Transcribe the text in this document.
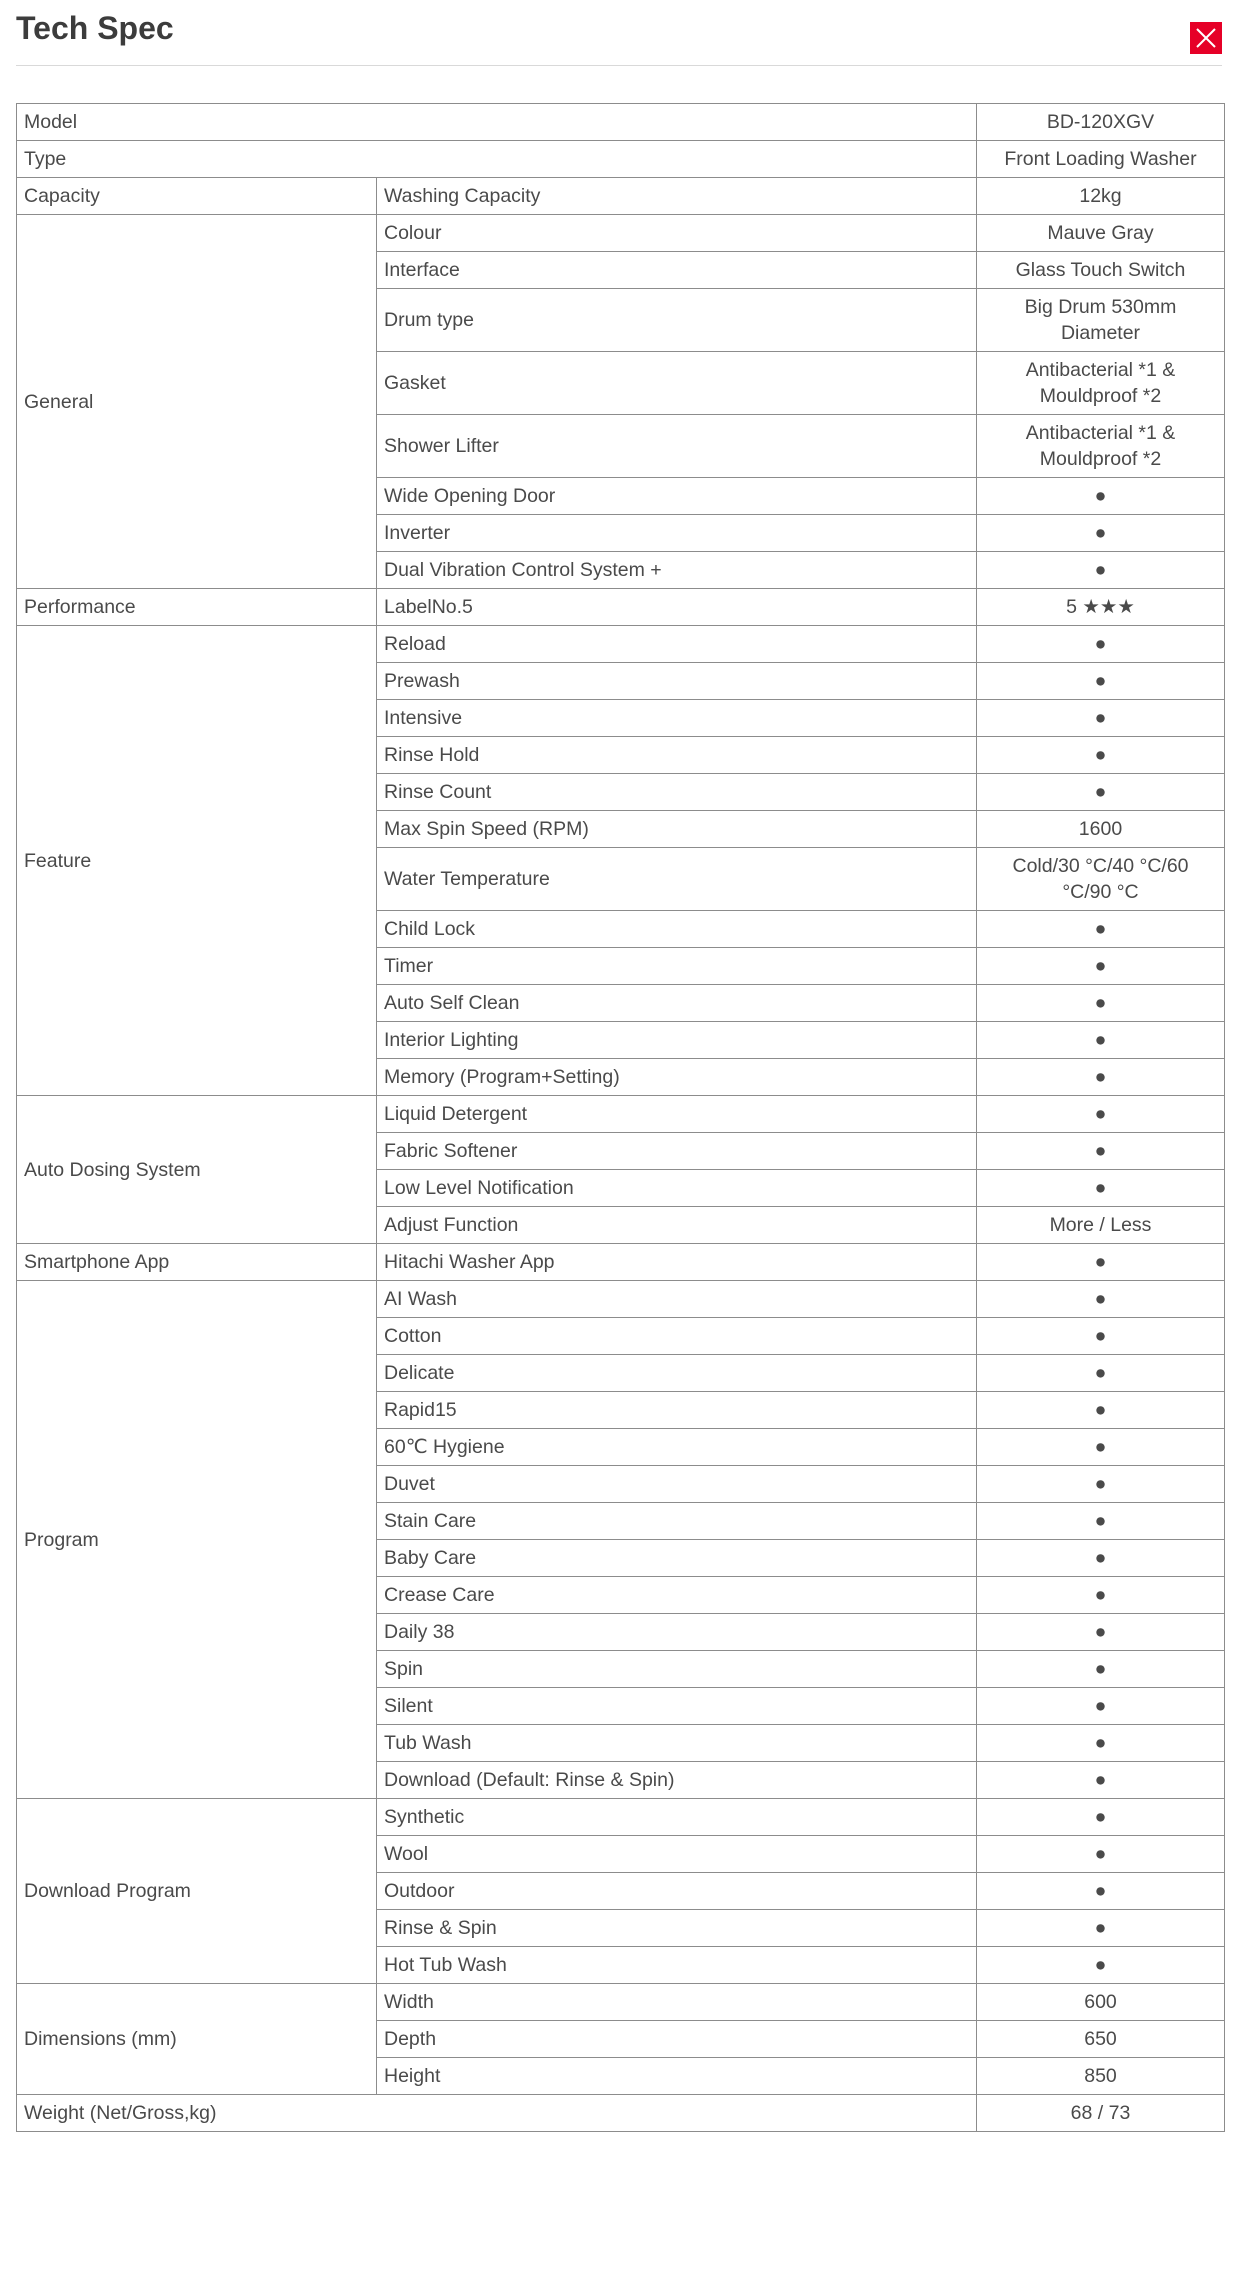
Tech Spec
Model		BD-120XGV
Type		Front Loading Washer
Capacity	Washing Capacity	12kg
General	Colour	Mauve Gray
	Interface	Glass Touch Switch
	Drum type	Big Drum 530mm Diameter
	Gasket	Antibacterial *1 & Mouldproof *2
	Shower Lifter	Antibacterial *1 & Mouldproof *2
	Wide Opening Door	●
	Inverter	●
	Dual Vibration Control System +	●
Performance	LabelNo.5	5 ★★★
Feature	Reload	●
	Prewash	●
	Intensive	●
	Rinse Hold	●
	Rinse Count	●
	Max Spin Speed (RPM)	1600
	Water Temperature	Cold/30 °C/40 °C/60 °C/90 °C
	Child Lock	●
	Timer	●
	Auto Self Clean	●
	Interior Lighting	●
	Memory (Program+Setting)	●
Auto Dosing System	Liquid Detergent	●
	Fabric Softener	●
	Low Level Notification	●
	Adjust Function	More / Less
Smartphone App	Hitachi Washer App	●
Program	AI Wash	●
	Cotton	●
	Delicate	●
	Rapid15	●
	60℃ Hygiene	●
	Duvet	●
	Stain Care	●
	Baby Care	●
	Crease Care	●
	Daily 38	●
	Spin	●
	Silent	●
	Tub Wash	●
	Download (Default: Rinse & Spin)	●
Download Program	Synthetic	●
	Wool	●
	Outdoor	●
	Rinse & Spin	●
	Hot Tub Wash	●
Dimensions (mm)	Width	600
	Depth	650
	Height	850
Weight (Net/Gross,kg)		68 / 73
